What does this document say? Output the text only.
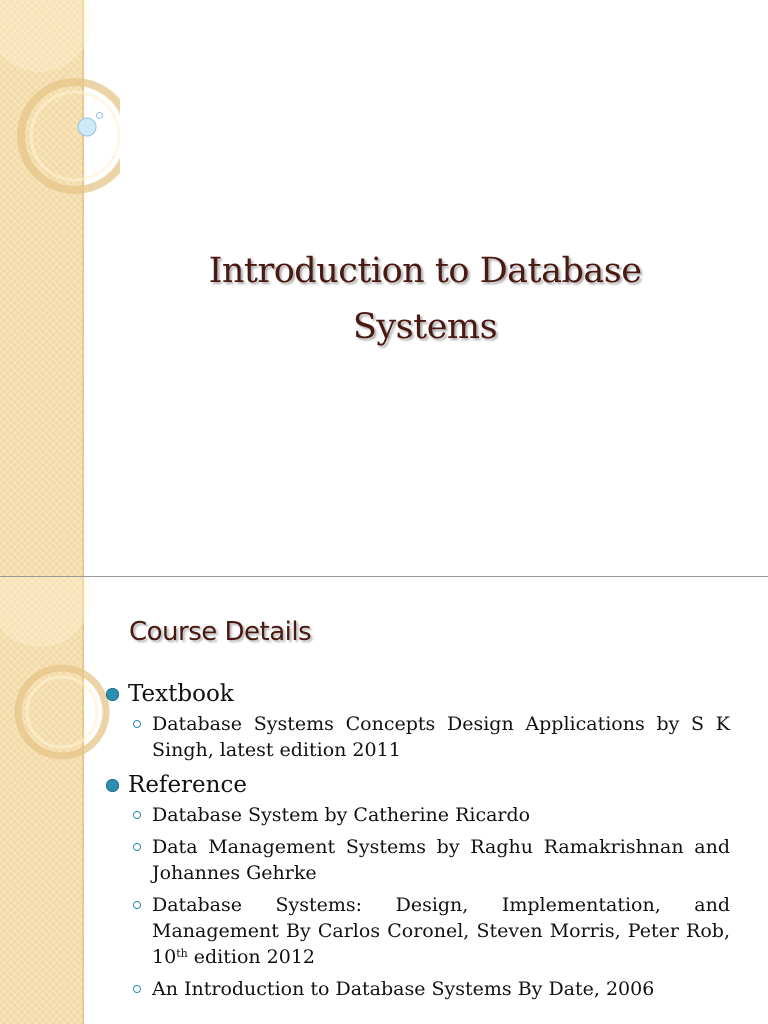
Introduction to Database
Systems
Course Details
Textbook
Database Systems Concepts Design Applications by S K Singh, latest edition 2011
Reference
Database System by Catherine Ricardo
Data Management Systems by Raghu Ramakrishnan and Johannes Gehrke
Database Systems: Design, Implementation, and Management By Carlos Coronel, Steven Morris, Peter Rob, 10th edition 2012
An Introduction to Database Systems By Date, 2006
